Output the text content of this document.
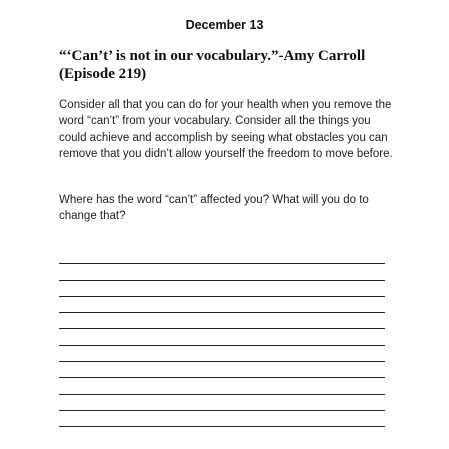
December 13
“‘Can’t’ is not in our vocabulary.”-Amy Carroll
(Episode 219)

Consider all that you can do for your health when you remove the word “can’t” from your vocabulary. Consider all the things you could achieve and accomplish by seeing what obstacles you can remove that you didn’t allow yourself the freedom to move before.

Where has the word “can’t” affected you? What will you do to change that?
